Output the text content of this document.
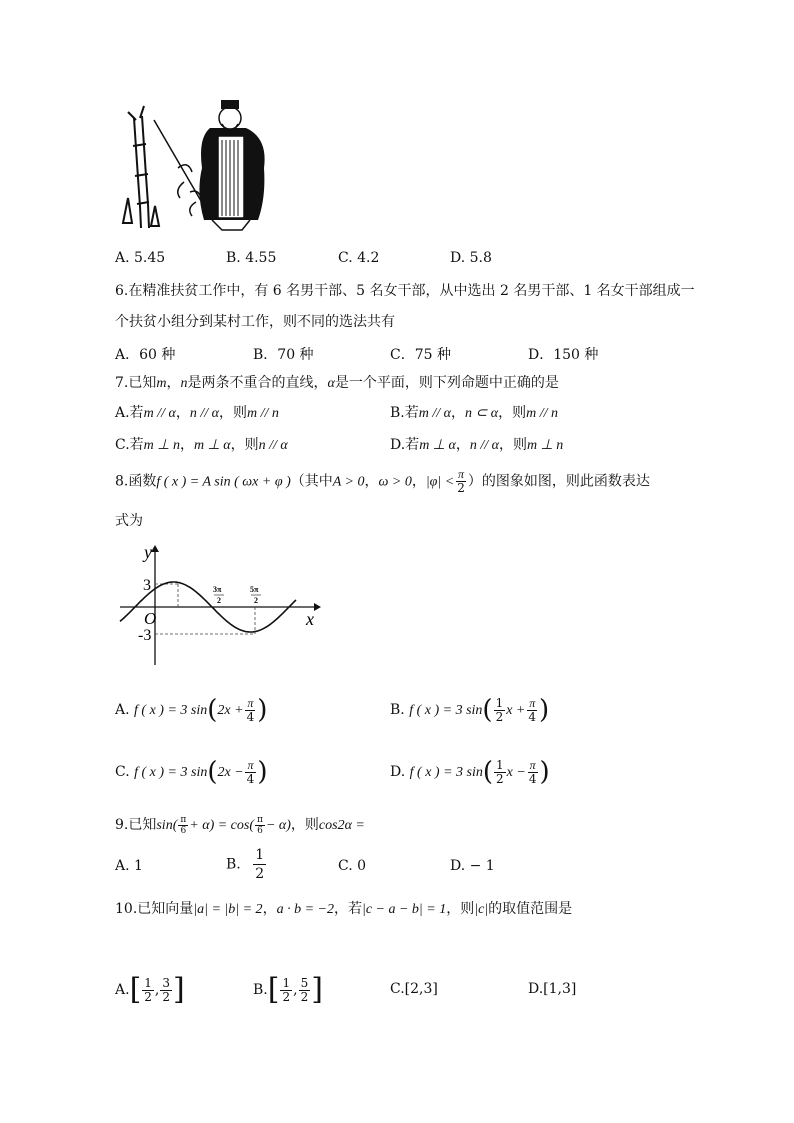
A. 5.45	B. 4.55	C. 4.2	D. 5.8
6.在精准扶贫工作中，有 6 名男干部、5 名女干部，从中选出 2 名男干部、1 名女干部组成一
个扶贫小组分到某村工作，则不同的选法共有
A．60 种	B．70 种	C．75 种	D．150 种
7.已知m，n是两条不重合的直线，α是一个平面，则下列命题中正确的是
A.若m // α，n // α，则m // n	B.若m // α，n ⊂ α，则m // n
C.若m ⊥ n，m ⊥ α，则n // α	D.若m ⊥ α，n // α，则m ⊥ n
8.函数f ( x ) = A sin ( ωx + φ )（其中A > 0，ω > 0，$|\varphi| < \frac{\pi}{2}$ ）的图象如图，则此函数表达
式为
y
x
O
3
-3
3π
2
5π
2
A. f ( x ) = 3 $\sin(2x + \frac{\pi}{4}$ )	B. f ( x ) = 3 $\sin( \frac{1}{2}$ $x + \frac{\pi}{4}$ )
C. f ( x ) = 3 $\sin(2x - \frac{\pi}{4}$ )	D. f ( x ) = 3 $\sin( \frac{1}{2}$ $x - \frac{\pi}{4}$ )
9.已知$\sin( \frac{\pi}{6} + \alpha) = \cos( \frac{\pi}{6} - \alpha)$，则cos2α =
A. 1	B. $\frac{1}{2}$	C. 0	D. − 1
10.已知向量|a| = |b| = 2，a · b = −2，若|c − a − b| = 1，则|c|的取值范围是
$A.[ \frac{1}{2}$ , $\frac{3}{2}$ ]	$B.[ \frac{1}{2}$ , $\frac{5}{2}$ ]	C.[2,3]	D.[1,3]
